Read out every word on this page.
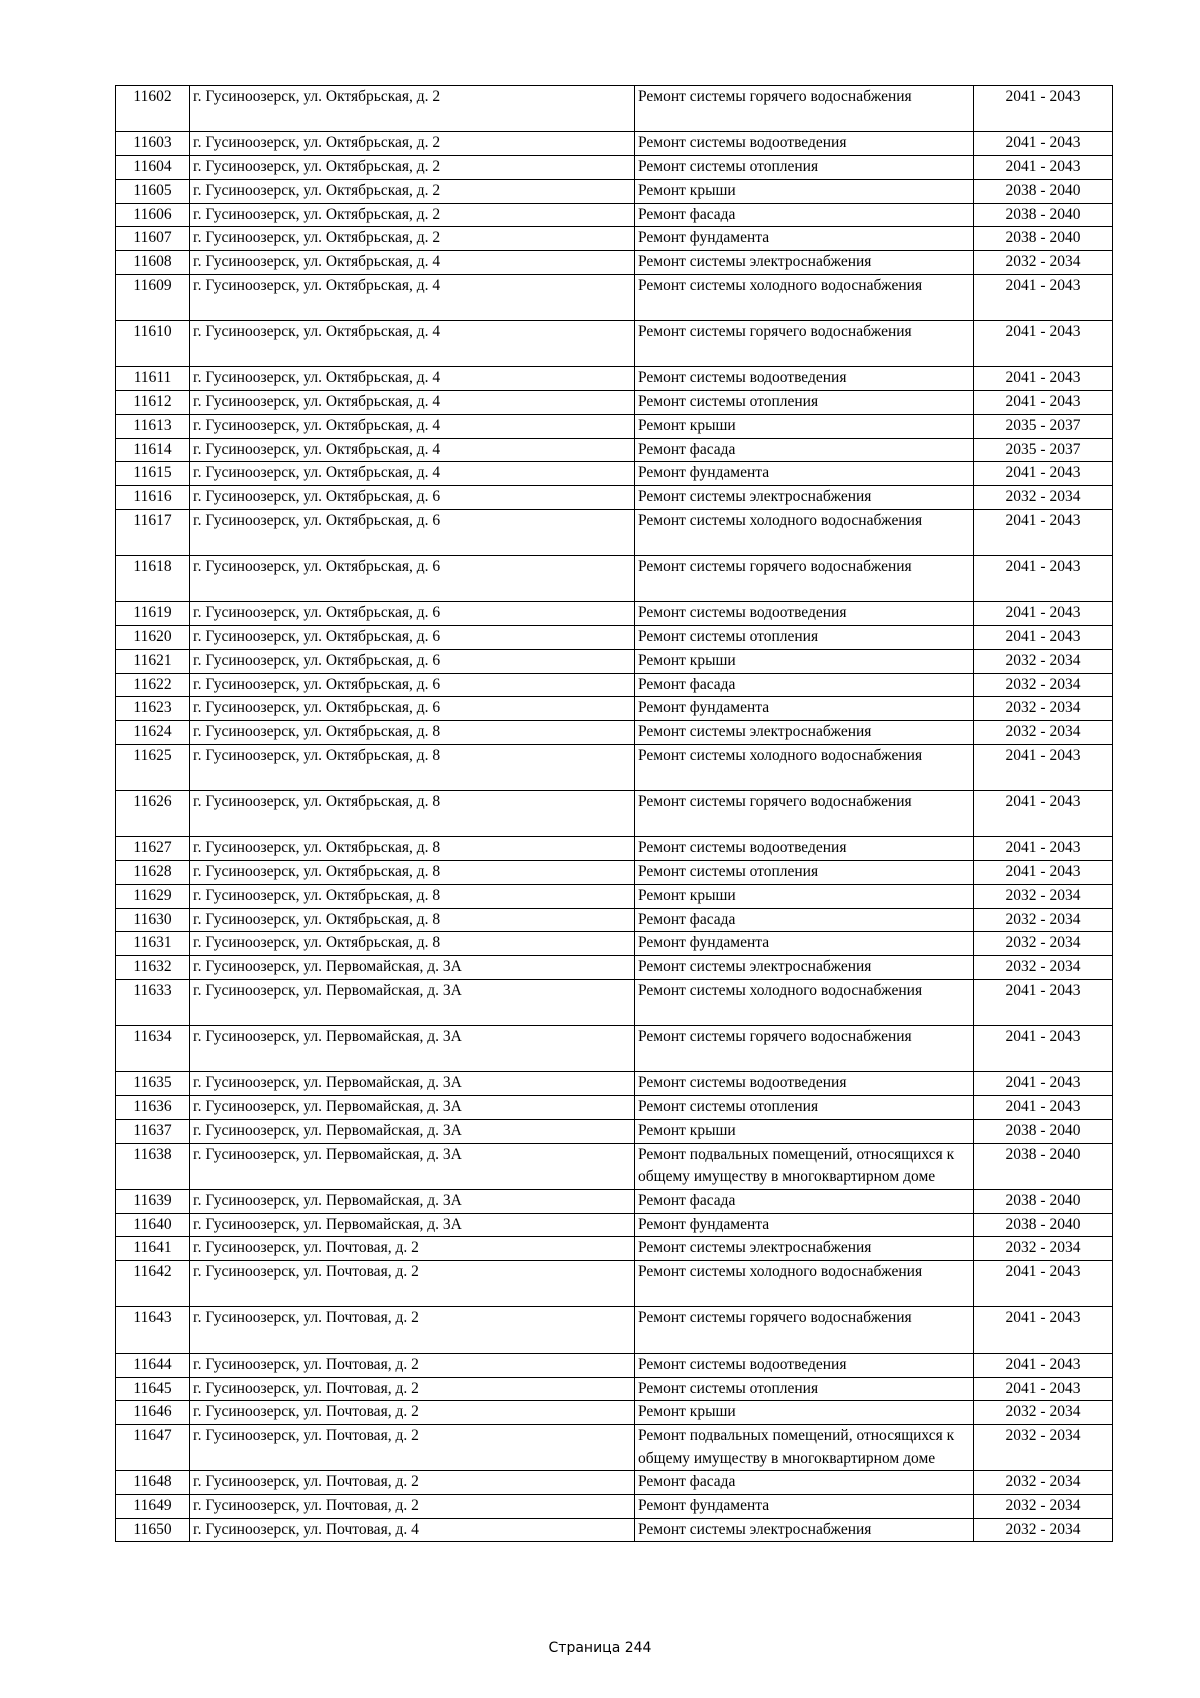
11602	г. Гусиноозерск, ул. Октябрьская, д. 2	Ремонт системы горячего водоснабжения	2041 - 2043
11603	г. Гусиноозерск, ул. Октябрьская, д. 2	Ремонт системы водоотведения	2041 - 2043
11604	г. Гусиноозерск, ул. Октябрьская, д. 2	Ремонт системы отопления	2041 - 2043
11605	г. Гусиноозерск, ул. Октябрьская, д. 2	Ремонт крыши	2038 - 2040
11606	г. Гусиноозерск, ул. Октябрьская, д. 2	Ремонт фасада	2038 - 2040
11607	г. Гусиноозерск, ул. Октябрьская, д. 2	Ремонт фундамента	2038 - 2040
11608	г. Гусиноозерск, ул. Октябрьская, д. 4	Ремонт системы электроснабжения	2032 - 2034
11609	г. Гусиноозерск, ул. Октябрьская, д. 4	Ремонт системы холодного водоснабжения	2041 - 2043
11610	г. Гусиноозерск, ул. Октябрьская, д. 4	Ремонт системы горячего водоснабжения	2041 - 2043
11611	г. Гусиноозерск, ул. Октябрьская, д. 4	Ремонт системы водоотведения	2041 - 2043
11612	г. Гусиноозерск, ул. Октябрьская, д. 4	Ремонт системы отопления	2041 - 2043
11613	г. Гусиноозерск, ул. Октябрьская, д. 4	Ремонт крыши	2035 - 2037
11614	г. Гусиноозерск, ул. Октябрьская, д. 4	Ремонт фасада	2035 - 2037
11615	г. Гусиноозерск, ул. Октябрьская, д. 4	Ремонт фундамента	2041 - 2043
11616	г. Гусиноозерск, ул. Октябрьская, д. 6	Ремонт системы электроснабжения	2032 - 2034
11617	г. Гусиноозерск, ул. Октябрьская, д. 6	Ремонт системы холодного водоснабжения	2041 - 2043
11618	г. Гусиноозерск, ул. Октябрьская, д. 6	Ремонт системы горячего водоснабжения	2041 - 2043
11619	г. Гусиноозерск, ул. Октябрьская, д. 6	Ремонт системы водоотведения	2041 - 2043
11620	г. Гусиноозерск, ул. Октябрьская, д. 6	Ремонт системы отопления	2041 - 2043
11621	г. Гусиноозерск, ул. Октябрьская, д. 6	Ремонт крыши	2032 - 2034
11622	г. Гусиноозерск, ул. Октябрьская, д. 6	Ремонт фасада	2032 - 2034
11623	г. Гусиноозерск, ул. Октябрьская, д. 6	Ремонт фундамента	2032 - 2034
11624	г. Гусиноозерск, ул. Октябрьская, д. 8	Ремонт системы электроснабжения	2032 - 2034
11625	г. Гусиноозерск, ул. Октябрьская, д. 8	Ремонт системы холодного водоснабжения	2041 - 2043
11626	г. Гусиноозерск, ул. Октябрьская, д. 8	Ремонт системы горячего водоснабжения	2041 - 2043
11627	г. Гусиноозерск, ул. Октябрьская, д. 8	Ремонт системы водоотведения	2041 - 2043
11628	г. Гусиноозерск, ул. Октябрьская, д. 8	Ремонт системы отопления	2041 - 2043
11629	г. Гусиноозерск, ул. Октябрьская, д. 8	Ремонт крыши	2032 - 2034
11630	г. Гусиноозерск, ул. Октябрьская, д. 8	Ремонт фасада	2032 - 2034
11631	г. Гусиноозерск, ул. Октябрьская, д. 8	Ремонт фундамента	2032 - 2034
11632	г. Гусиноозерск, ул. Первомайская, д. 3А	Ремонт системы электроснабжения	2032 - 2034
11633	г. Гусиноозерск, ул. Первомайская, д. 3А	Ремонт системы холодного водоснабжения	2041 - 2043
11634	г. Гусиноозерск, ул. Первомайская, д. 3А	Ремонт системы горячего водоснабжения	2041 - 2043
11635	г. Гусиноозерск, ул. Первомайская, д. 3А	Ремонт системы водоотведения	2041 - 2043
11636	г. Гусиноозерск, ул. Первомайская, д. 3А	Ремонт системы отопления	2041 - 2043
11637	г. Гусиноозерск, ул. Первомайская, д. 3А	Ремонт крыши	2038 - 2040
11638	г. Гусиноозерск, ул. Первомайская, д. 3А	Ремонт подвальных помещений, относящихся к общему имуществу в многоквартирном доме	2038 - 2040
11639	г. Гусиноозерск, ул. Первомайская, д. 3А	Ремонт фасада	2038 - 2040
11640	г. Гусиноозерск, ул. Первомайская, д. 3А	Ремонт фундамента	2038 - 2040
11641	г. Гусиноозерск, ул. Почтовая, д. 2	Ремонт системы электроснабжения	2032 - 2034
11642	г. Гусиноозерск, ул. Почтовая, д. 2	Ремонт системы холодного водоснабжения	2041 - 2043
11643	г. Гусиноозерск, ул. Почтовая, д. 2	Ремонт системы горячего водоснабжения	2041 - 2043
11644	г. Гусиноозерск, ул. Почтовая, д. 2	Ремонт системы водоотведения	2041 - 2043
11645	г. Гусиноозерск, ул. Почтовая, д. 2	Ремонт системы отопления	2041 - 2043
11646	г. Гусиноозерск, ул. Почтовая, д. 2	Ремонт крыши	2032 - 2034
11647	г. Гусиноозерск, ул. Почтовая, д. 2	Ремонт подвальных помещений, относящихся к общему имуществу в многоквартирном доме	2032 - 2034
11648	г. Гусиноозерск, ул. Почтовая, д. 2	Ремонт фасада	2032 - 2034
11649	г. Гусиноозерск, ул. Почтовая, д. 2	Ремонт фундамента	2032 - 2034
11650	г. Гусиноозерск, ул. Почтовая, д. 4	Ремонт системы электроснабжения	2032 - 2034
Страница 244
